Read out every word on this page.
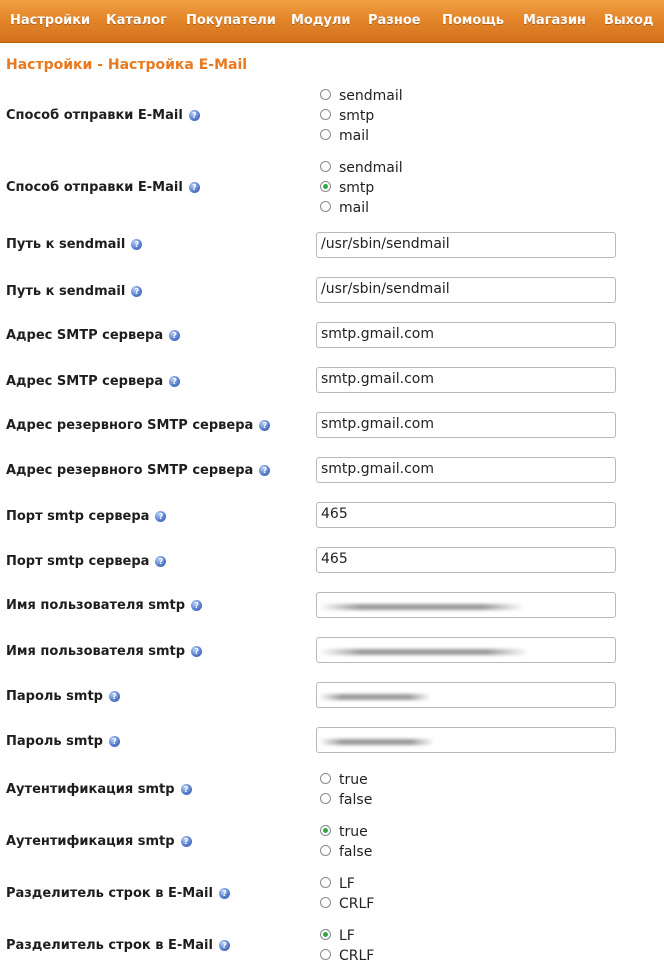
Настройки Каталог Покупатели Модули Разное Помощь Магазин Выход
Настройки - Настройка E-Mail
Способ отправки E-Mail ?
sendmail
smtp
mail
Способ отправки E-Mail ?
sendmail
smtp
mail
Путь к sendmail ?	/usr/sbin/sendmail
Путь к sendmail ?	/usr/sbin/sendmail
Адрес SMTP сервера ?	smtp.gmail.com
Адрес SMTP сервера ?	smtp.gmail.com
Адрес резервного SMTP сервера ?	smtp.gmail.com
Адрес резервного SMTP сервера ?	smtp.gmail.com
Порт smtp сервера ?	465
Порт smtp сервера ?	465
Имя пользователя smtp ?
Имя пользователя smtp ?
Пароль smtp ?
Пароль smtp ?
Аутентификация smtp ?
true
false
Аутентификация smtp ?
true
false
Разделитель строк в E-Mail ?
LF
CRLF
Разделитель строк в E-Mail ?
LF
CRLF
